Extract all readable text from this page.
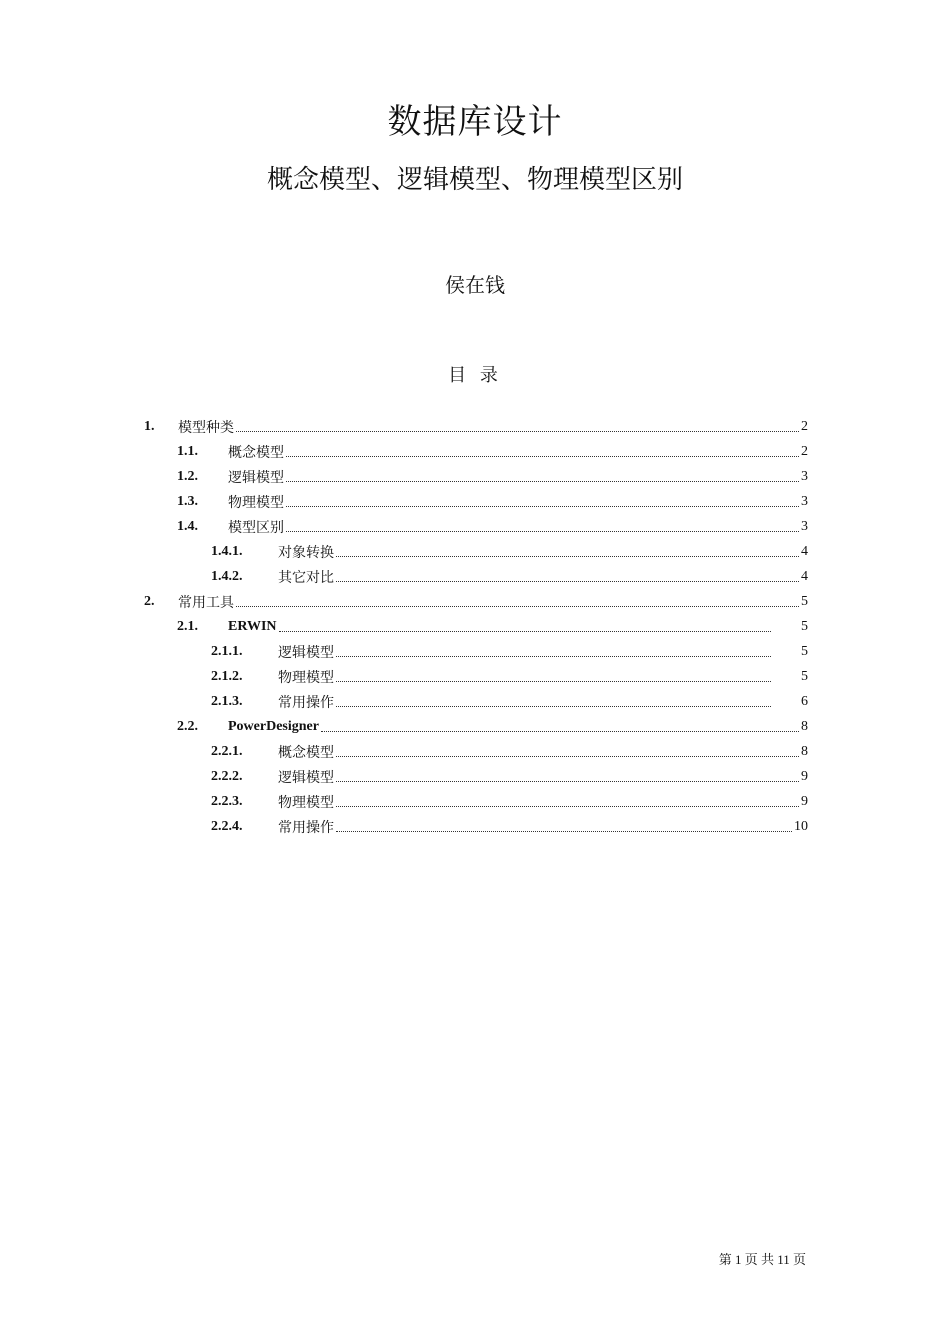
数据库设计
概念模型、逻辑模型、物理模型区别
侯在钱
目 录
1.	模型种类	2
1.1.	概念模型	2
1.2.	逻辑模型	3
1.3.	物理模型	3
1.4.	模型区别	3
1.4.1.	对象转换	4
1.4.2.	其它对比	4
2.	常用工具	5
2.1.	ERWIN	5
2.1.1.	逻辑模型	5
2.1.2.	物理模型	5
2.1.3.	常用操作	6
2.2.	PowerDesigner	8
2.2.1.	概念模型	8
2.2.2.	逻辑模型	9
2.2.3.	物理模型	9
2.2.4.	常用操作	10
第 1 页 共 11 页
